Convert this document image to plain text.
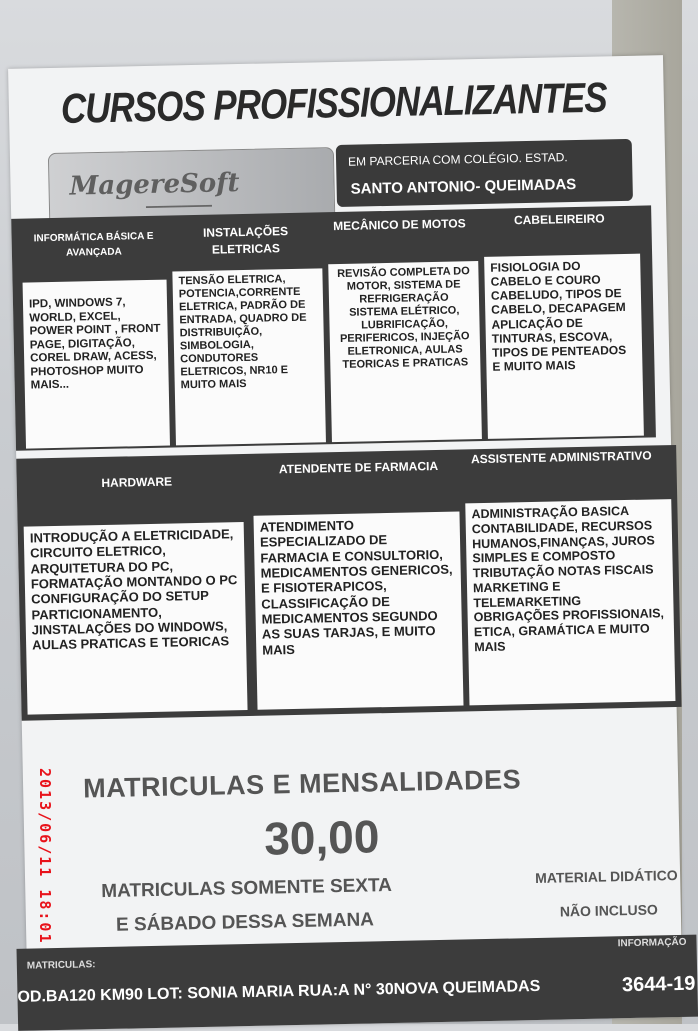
CURSOS PROFISSIONALIZANTES
MagereSoft
▬▬▬▬▬▬▬▬▬▬▬
EM PARCERIA COM COLÉGIO. ESTAD.
SANTO ANTONIO- QUEIMADAS
INFORMÁTICA BÁSICA E AVANÇADA
INSTALAÇÕES ELETRICAS
MECÂNICO DE MOTOS	CABELEIREIRO
IPD, WINDOWS 7, WORLD, EXCEL, POWER POINT , FRONT PAGE, DIGITAÇÃO, COREL DRAW, ACESS, PHOTOSHOP MUITO MAIS...
TENSÃO ELETRICA, POTENCIA,CORRENTE ELETRICA, PADRÃO DE ENTRADA, QUADRO DE DISTRIBUIÇÃO, SIMBOLOGIA, CONDUTORES ELETRICOS, NR10 E MUITO MAIS
REVISÃO COMPLETA DO MOTOR, SISTEMA DE REFRIGERAÇÃO SISTEMA ELÉTRICO, LUBRIFICAÇÃO, PERIFERICOS, INJEÇÃO ELETRONICA, AULAS TEORICAS E PRATICAS
FISIOLOGIA DO CABELO E COURO CABELUDO, TIPOS DE CABELO, DECAPAGEM APLICAÇÃO DE TINTURAS, ESCOVA, TIPOS DE PENTEADOS E MUITO MAIS
HARDWARE
ATENDENTE DE FARMACIA
ASSISTENTE ADMINISTRATIVO
INTRODUÇÃO A ELETRICIDADE, CIRCUITO ELETRICO, ARQUITETURA DO PC, FORMATAÇÃO MONTANDO O PC CONFIGURAÇÃO DO SETUP PARTICIONAMENTO, JINSTALAÇÕES DO WINDOWS, AULAS PRATICAS E TEORICAS
ATENDIMENTO ESPECIALIZADO DE FARMACIA E CONSULTORIO, MEDICAMENTOS GENERICOS, E FISIOTERAPICOS, CLASSIFICAÇÃO DE MEDICAMENTOS SEGUNDO AS SUAS TARJAS, E MUITO MAIS
ADMINISTRAÇÃO BASICA CONTABILIDADE, RECURSOS HUMANOS,FINANÇAS, JUROS SIMPLES E COMPOSTO TRIBUTAÇÃO NOTAS FISCAIS MARKETING E TELEMARKETING OBRIGAÇÕES PROFISSIONAIS, ETICA, GRAMÁTICA E MUITO MAIS
MATRICULAS E MENSALIDADES
30,00
MATRICULAS SOMENTE SEXTA
E SÁBADO DESSA SEMANA
MATERIAL DIDÁTICO
NÃO INCLUSO
MATRICULAS:
INFORMAÇÃO
OD.BA120 KM90 LOT: SONIA MARIA RUA:A N° 30NOVA QUEIMADAS	3644-19
2013/06/11 18:01
